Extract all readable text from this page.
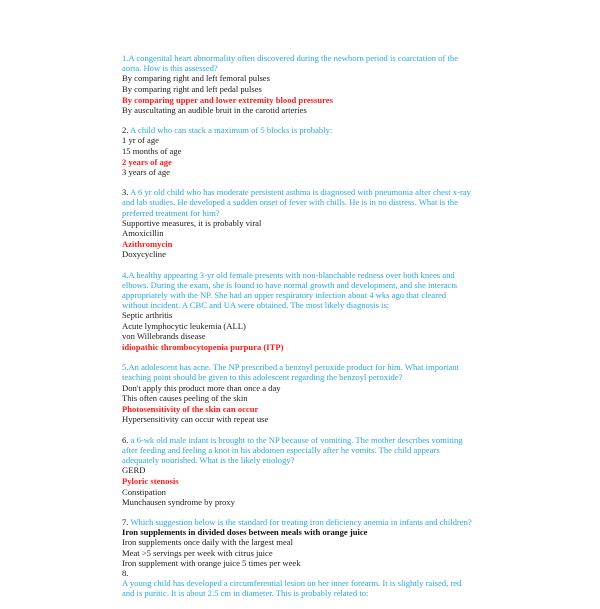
1.A congenital heart abnormality often discovered during the newborn period is coarctation of the aorta. How is this assessed?
By comparing right and left femoral pulses
By comparing right and left pedal pulses
By comparing upper and lower extremity blood pressures
By auscultating an audible bruit in the carotid arteries
2. A child who can stack a maximum of 5 blocks is probably:
1 yr of age
15 months of age
2 years of age
3 years of age
3. A 6 yr old child who has moderate persistent asthma is diagnosed with pneumonia after chest x-ray and lab studies. He developed a sudden onset of fever with chills. He is in no distress. What is the preferred treatment for him?
Supportive measures, it is probably viral
Amoxicillin
Azithromycin
Doxycycline
4.A healthy appearing 3-yr old female presents with non-blanchable redness over both knees and elbows. During the exam, she is found to have normal growth and development, and she interacts appropriately with the NP. She had an upper respiratory infection about 4 wks ago that cleared without incident. A CBC and UA were obtained. The most likely diagnosis is:
Septic arthritis
Acute lymphocytic leukemia (ALL)
von Willebrands disease
idiopathic thrombocytopenia purpura (ITP)
5.An adolescent has acne. The NP prescribed a benzoyl peroxide product for him. What important teaching point should be given to this adolescent regarding the benzoyl peroxide?
Don't apply this product more than once a day
This often causes peeling of the skin
Photosensitivity of the skin can occur
Hypersensitivity can occur with repeat use
6. a 6-wk old male infant is brought to the NP because of vomiting. The mother describes vomiting after feeding and feeling a knot in his abdomen especially after he vomits. The child appears adequately nourished. What is the likely etiology?
GERD
Pyloric stenosis
Constipation
Munchausen syndrome by proxy
7. Which suggestion below is the standard for treating iron deficiency anemia in infants and children?
Iron supplements in divided doses between meals with orange juice
Iron supplements once daily with the largest meal
Meat >5 servings per week with citrus juice
Iron supplement with orange juice 5 times per week
8.
A young child has developed a circumferential lesion on her inner forearm. It is slightly raised, red and is puritic. It is about 2.5 cm in diameter. This is probably related to:
